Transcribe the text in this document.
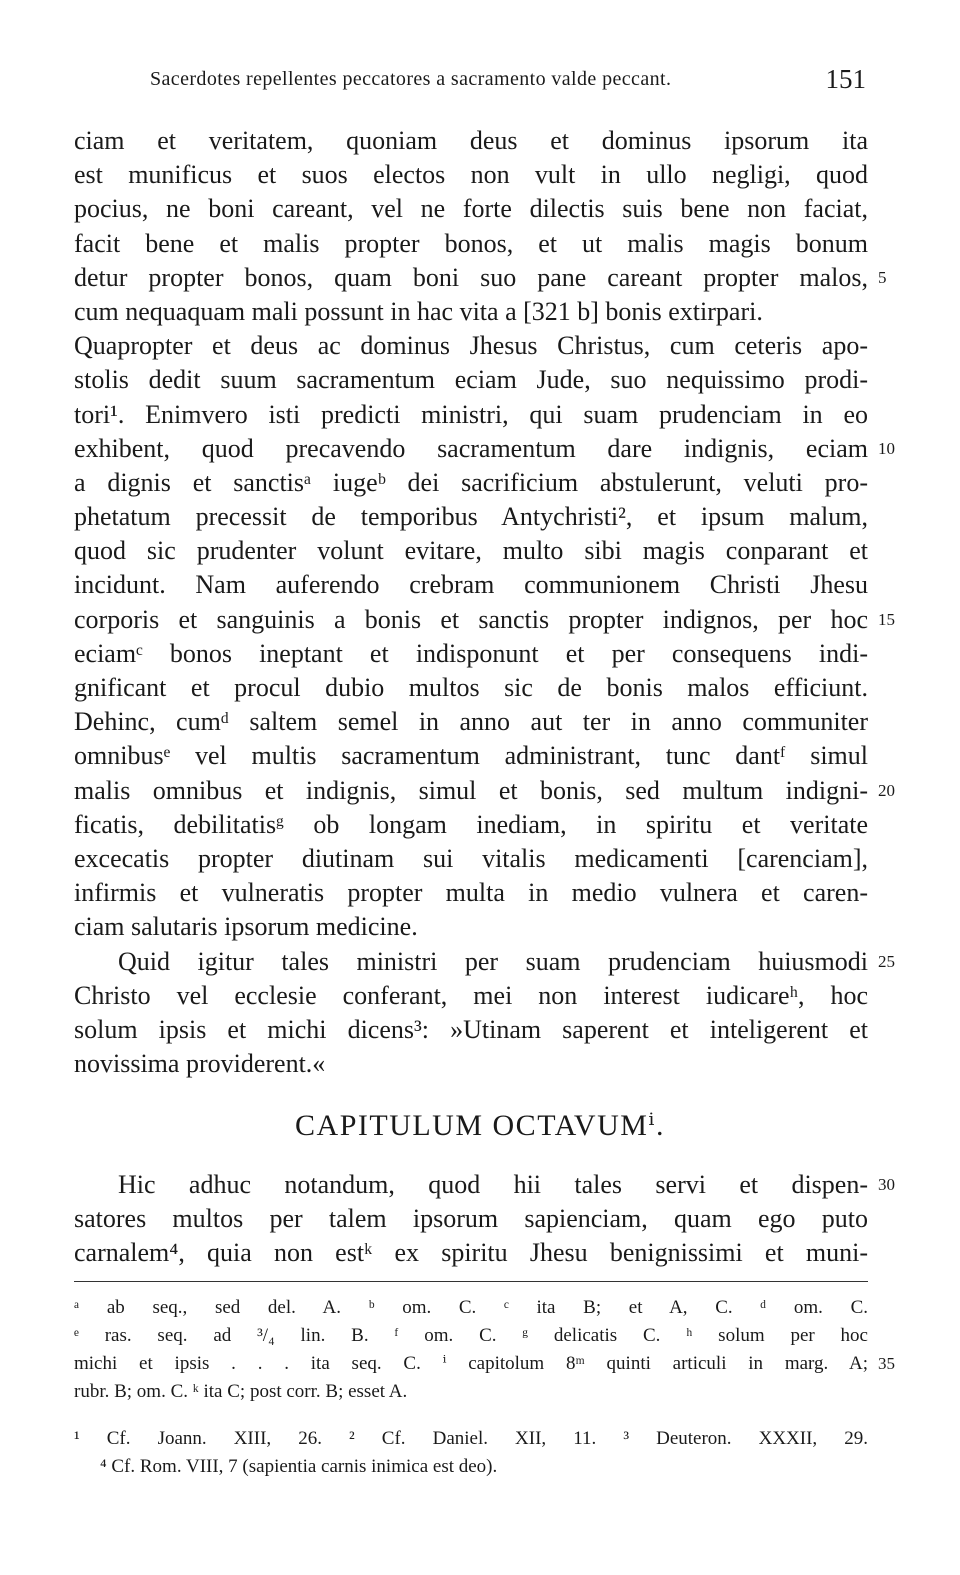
Sacerdotes repellentes peccatores a sacramento valde peccant.	151
ciam et veritatem, quoniam deus et dominus ipsorum ita
est munificus et suos electos non vult in ullo negligi, quod
pocius, ne boni careant, vel ne forte dilectis suis bene non faciat,
facit bene et malis propter bonos, et ut malis magis bonum
detur propter bonos, quam boni suo pane careant propter malos, 5
cum nequaquam mali possunt in hac vita a [321 b] bonis extirpari.
Quapropter et deus ac dominus Jhesus Christus, cum ceteris apo-
stolis dedit suum sacramentum eciam Jude, suo nequissimo prodi-
tori¹. Enimvero isti predicti ministri, qui suam prudenciam in eo
exhibent, quod precavendo sacramentum dare indignis, eciam 10
a dignis et sanctisᵃ iugeᵇ dei sacrificium abstulerunt, veluti pro-
phetatum precessit de temporibus Antychristi², et ipsum malum,
quod sic prudenter volunt evitare, multo sibi magis conparant et
incidunt. Nam auferendo crebram communionem Christi Jhesu
corporis et sanguinis a bonis et sanctis propter indignos, per hoc 15
eciamᶜ bonos ineptant et indisponunt et per consequens indi-
gnificant et procul dubio multos sic de bonis malos efficiunt.
Dehinc, cumᵈ saltem semel in anno aut ter in anno communiter
omnibusᵉ vel multis sacramentum administrant, tunc dantᶠ simul
malis omnibus et indignis, simul et bonis, sed multum indigni- 20
ficatis, debilitatisᵍ ob longam inediam, in spiritu et veritate
excecatis propter diutinam sui vitalis medicamenti [carenciam],
infirmis et vulneratis propter multa in medio vulnera et caren-
ciam salutaris ipsorum medicine.
Quid igitur tales ministri per suam prudenciam huiusmodi 25
Christo vel ecclesie conferant, mei non interest iudicareʰ, hoc
solum ipsis et michi dicens³: »Utinam saperent et inteligerent et
novissima providerent.«
CAPITULUM OCTAVUMⁱ.
Hic adhuc notandum, quod hii tales servi et dispen- 30
satores multos per talem ipsorum sapienciam, quam ego puto
carnalem⁴, quia non estᵏ ex spiritu Jhesu benignissimi et muni-
ᵃ ab seq., sed del. A. ᵇ om. C. ᶜ ita B; et A, C. ᵈ om. C.
ᵉ ras. seq. ad ³/₄ lin. B. ᶠ om. C. ᵍ delicatis C. ʰ solum per hoc
michi et ipsis . . . ita seq. C. ⁱ capitolum 8ᵐ quinti articuli in marg. A; 35
rubr. B; om. C. ᵏ ita C; post corr. B; esset A.
¹ Cf. Joann. XIII, 26. ² Cf. Daniel. XII, 11. ³ Deuteron. XXXII, 29.
⁴ Cf. Rom. VIII, 7 (sapientia carnis inimica est deo).
